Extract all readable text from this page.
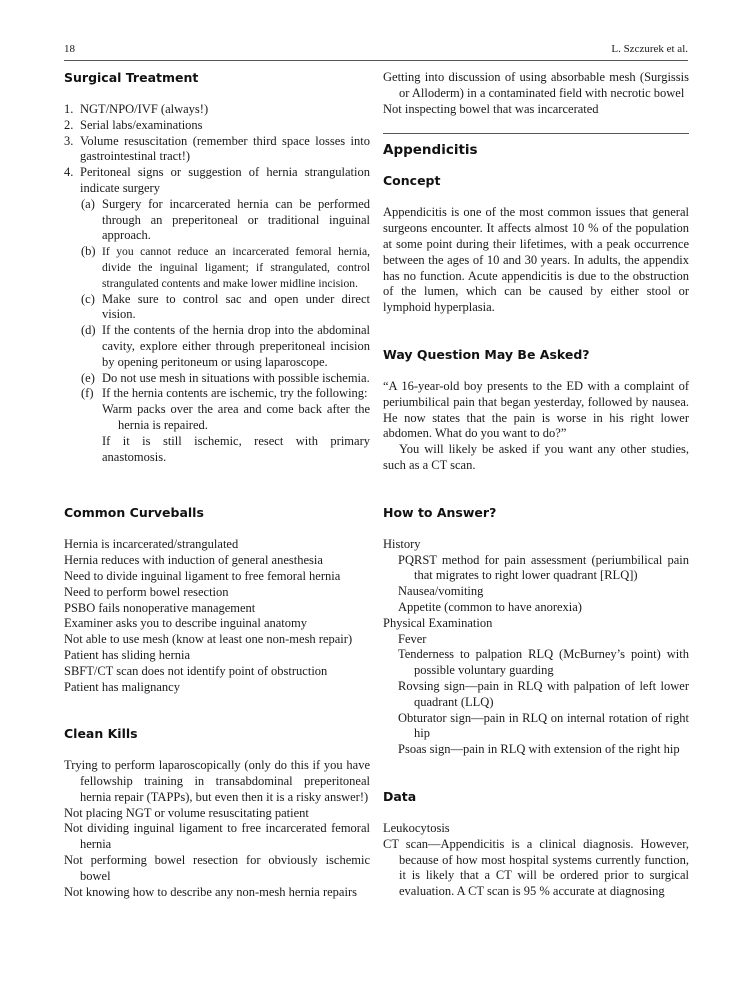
18	L. Szczurek et al.
Surgical Treatment
1. NGT/NPO/IVF (always!)
2. Serial labs/examinations
3. Volume resuscitation (remember third space losses into gastrointestinal tract!)
4. Peritoneal signs or suggestion of hernia strangulation indicate surgery
(a) Surgery for incarcerated hernia can be performed through an preperitoneal or traditional inguinal approach.
(b) If you cannot reduce an incarcerated femoral hernia, divide the inguinal ligament; if strangulated, control strangulated contents and make lower midline incision.
(c) Make sure to control sac and open under direct vision.
(d) If the contents of the hernia drop into the abdominal cavity, explore either through preperitoneal incision by opening peritoneum or using laparoscope.
(e) Do not use mesh in situations with possible ischemia.
(f) If the hernia contents are ischemic, try the following:
Warm packs over the area and come back after the hernia is repaired.
If it is still ischemic, resect with primary anastomosis.
Common Curveballs
Hernia is incarcerated/strangulated
Hernia reduces with induction of general anesthesia
Need to divide inguinal ligament to free femoral hernia
Need to perform bowel resection
PSBO fails nonoperative management
Examiner asks you to describe inguinal anatomy
Not able to use mesh (know at least one non-mesh repair)
Patient has sliding hernia
SBFT/CT scan does not identify point of obstruction
Patient has malignancy
Clean Kills
Trying to perform laparoscopically (only do this if you have fellowship training in transabdominal preperitoneal hernia repair (TAPPs), but even then it is a risky answer!)
Not placing NGT or volume resuscitating patient
Not dividing inguinal ligament to free incarcerated femoral hernia
Not performing bowel resection for obviously ischemic bowel
Not knowing how to describe any non-mesh hernia repairs
Getting into discussion of using absorbable mesh (Surgissis or Alloderm) in a contaminated field with necrotic bowel
Not inspecting bowel that was incarcerated
Appendicitis
Concept

Appendicitis is one of the most common issues that general surgeons encounter. It affects almost 10 % of the population at some point during their lifetimes, with a peak occurrence between the ages of 10 and 30 years. In adults, the appendix has no function. Acute appendicitis is due to the obstruction of the lumen, which can be caused by either stool or lymphoid hyperplasia.

Way Question May Be Asked?

“A 16-year-old boy presents to the ED with a complaint of periumbilical pain that began yesterday, followed by nausea. He now states that the pain is worse in his right lower abdomen. What do you want to do?”

You will likely be asked if you want any other studies, such as a CT scan.

How to Answer?
History
PQRST method for pain assessment (periumbilical pain that migrates to right lower quadrant [RLQ])
Nausea/vomiting
Appetite (common to have anorexia)
Physical Examination
Fever
Tenderness to palpation RLQ (McBurney’s point) with possible voluntary guarding
Rovsing sign—pain in RLQ with palpation of left lower quadrant (LLQ)
Obturator sign—pain in RLQ on internal rotation of right hip
Psoas sign—pain in RLQ with extension of the right hip
Data
Leukocytosis
CT scan—Appendicitis is a clinical diagnosis. However, because of how most hospital systems currently function, it is likely that a CT will be ordered prior to surgical evaluation. A CT scan is 95 % accurate at diagnosing
